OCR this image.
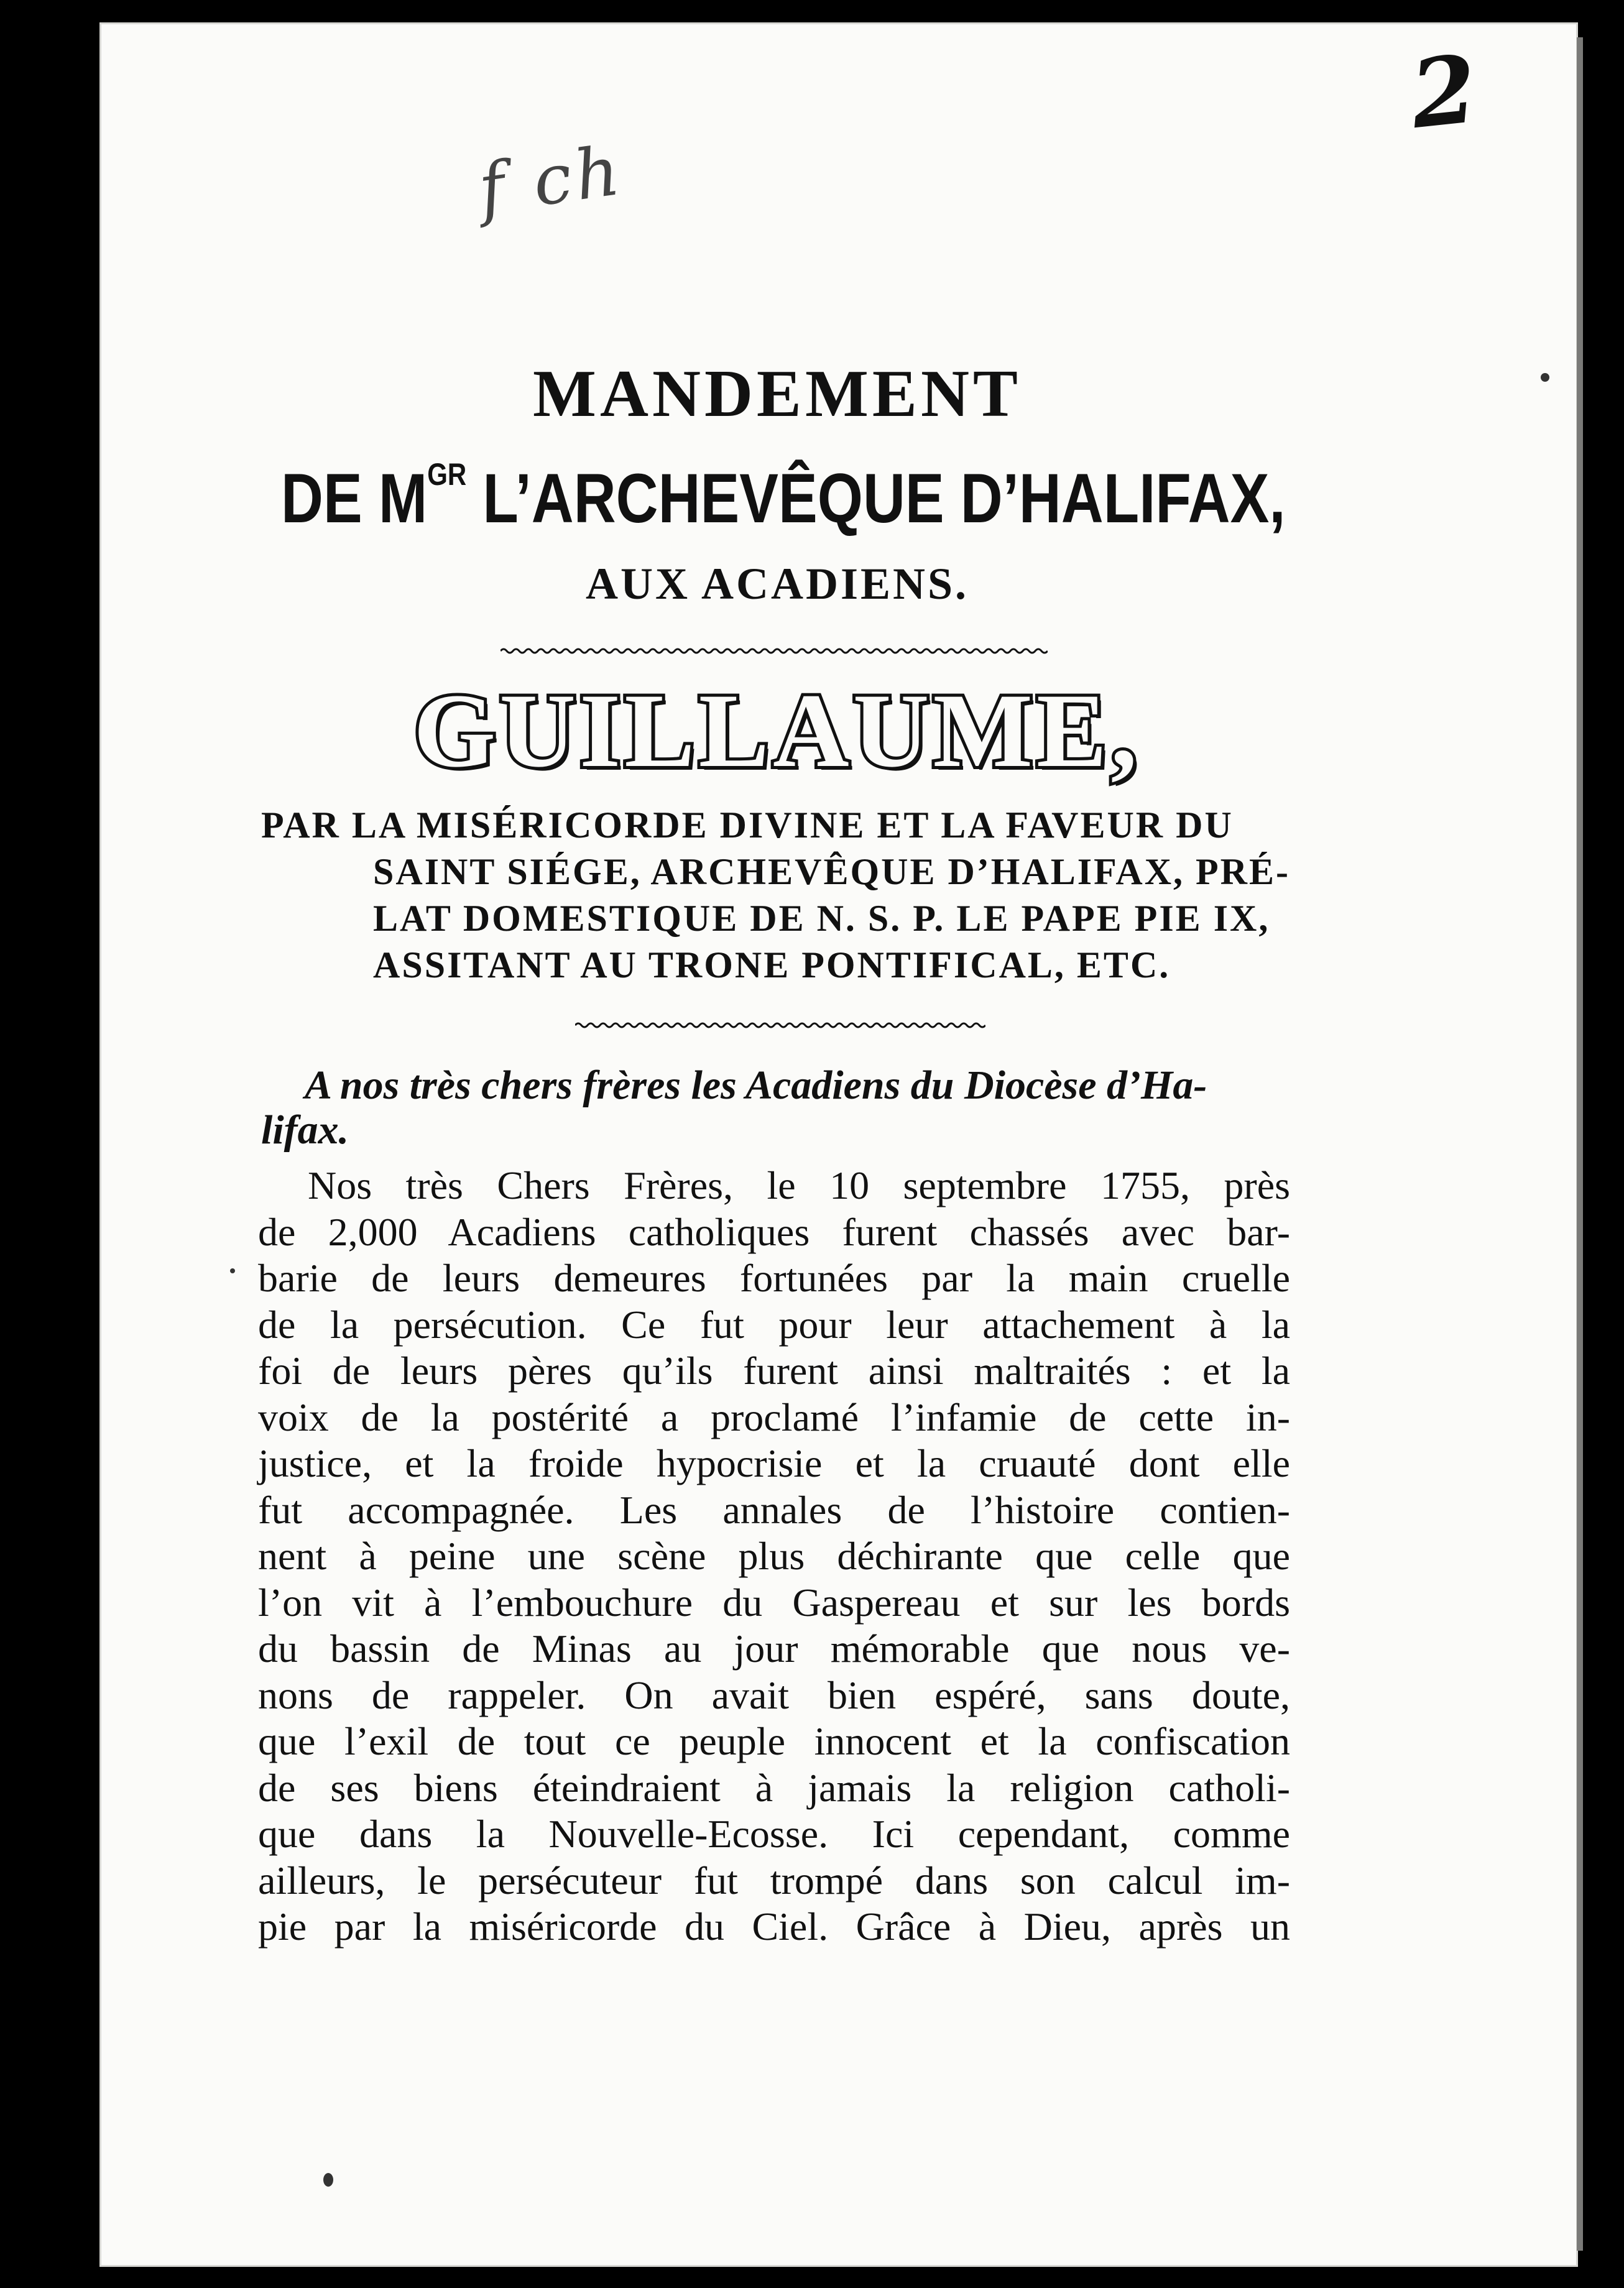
2
f ch
MANDEMENT
DE $M^{GR}$ L’ARCHEVÊQUE D’HALIFAX,
AUX ACADIENS.
GUILLAUME,
PAR LA MISÉRICORDE DIVINE ET LA FAVEUR DU
SAINT SIÉGE, ARCHEVÊQUE D’HALIFAX, PRÉ-
LAT DOMESTIQUE DE N. S. P. LE PAPE PIE IX,
ASSITANT AU TRONE PONTIFICAL, ETC.
A nos très chers frères les Acadiens du Diocèse d’Ha-
lifax.
Nos très Chers Frères, le 10 septembre 1755, près
de 2,000 Acadiens catholiques furent chassés avec bar-
barie de leurs demeures fortunées par la main cruelle
de la persécution. Ce fut pour leur attachement à la
foi de leurs pères qu’ils furent ainsi maltraités : et la
voix de la postérité a proclamé l’infamie de cette in-
justice, et la froide hypocrisie et la cruauté dont elle
fut accompagnée. Les annales de l’histoire contien-
nent à peine une scène plus déchirante que celle que
l’on vit à l’embouchure du Gaspereau et sur les bords
du bassin de Minas au jour mémorable que nous ve-
nons de rappeler. On avait bien espéré, sans doute,
que l’exil de tout ce peuple innocent et la confiscation
de ses biens éteindraient à jamais la religion catholi-
que dans la Nouvelle-Ecosse. Ici cependant, comme
ailleurs, le persécuteur fut trompé dans son calcul im-
pie par la miséricorde du Ciel. Grâce à Dieu, après un
